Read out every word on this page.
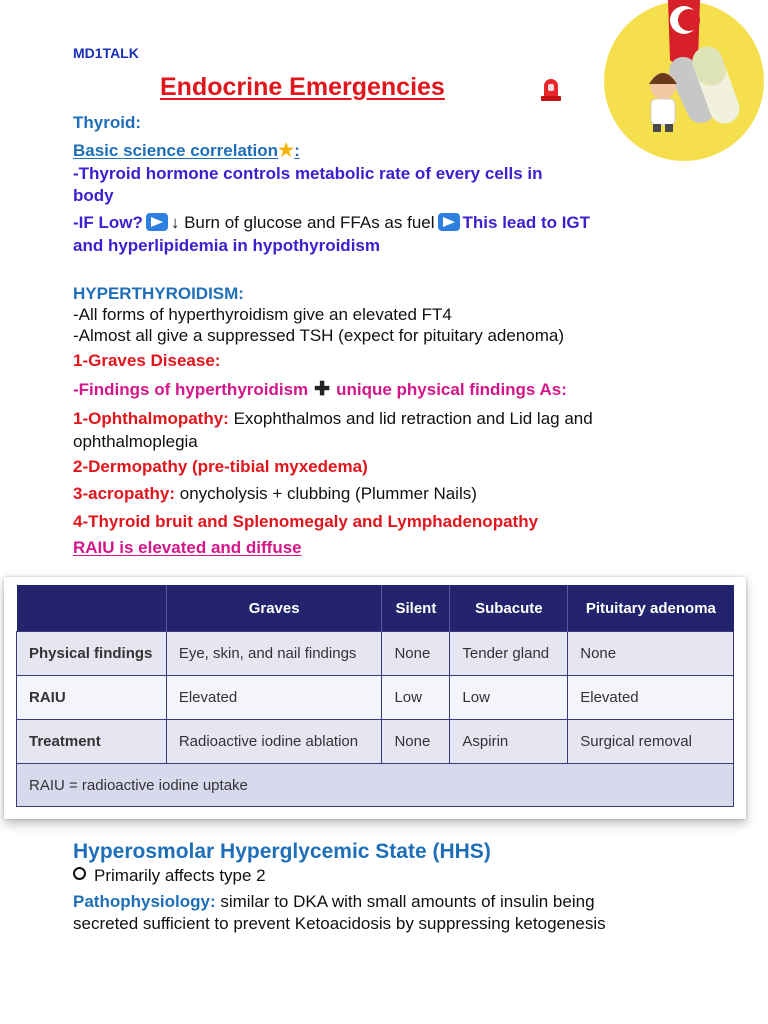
MD1TALK
Endocrine Emergencies
Thyroid:
Basic science correlation★:
-Thyroid hormone controls metabolic rate of every cells in
body
-IF Low? ↓ Burn of glucose and FFAs as fuel This lead to IGT
and hyperlipidemia in hypothyroidism
HYPERTHYROIDISM:
-All forms of hyperthyroidism give an elevated FT4
-Almost all give a suppressed TSH (expect for pituitary adenoma)
1-Graves Disease:
-Findings of hyperthyroidism ✚ unique physical findings As:
1-Ophthalmopathy: Exophthalmos and lid retraction and Lid lag and
ophthalmoplegia
2-Dermopathy (pre-tibial myxedema)
3-acropathy: onycholysis + clubbing (Plummer Nails)
4-Thyroid bruit and Splenomegaly and Lymphadenopathy
RAIU is elevated and diffuse
	Graves	Silent	Subacute	Pituitary adenoma
Physical findings	Eye, skin, and nail findings	None	Tender gland	None
RAIU	Elevated	Low	Low	Elevated
Treatment	Radioactive iodine ablation	None	Aspirin	Surgical removal
RAIU = radioactive iodine uptake				
Hyperosmolar Hyperglycemic State (HHS)
Primarily affects type 2
Pathophysiology: similar to DKA with small amounts of insulin being
secreted sufficient to prevent Ketoacidosis by suppressing ketogenesis
